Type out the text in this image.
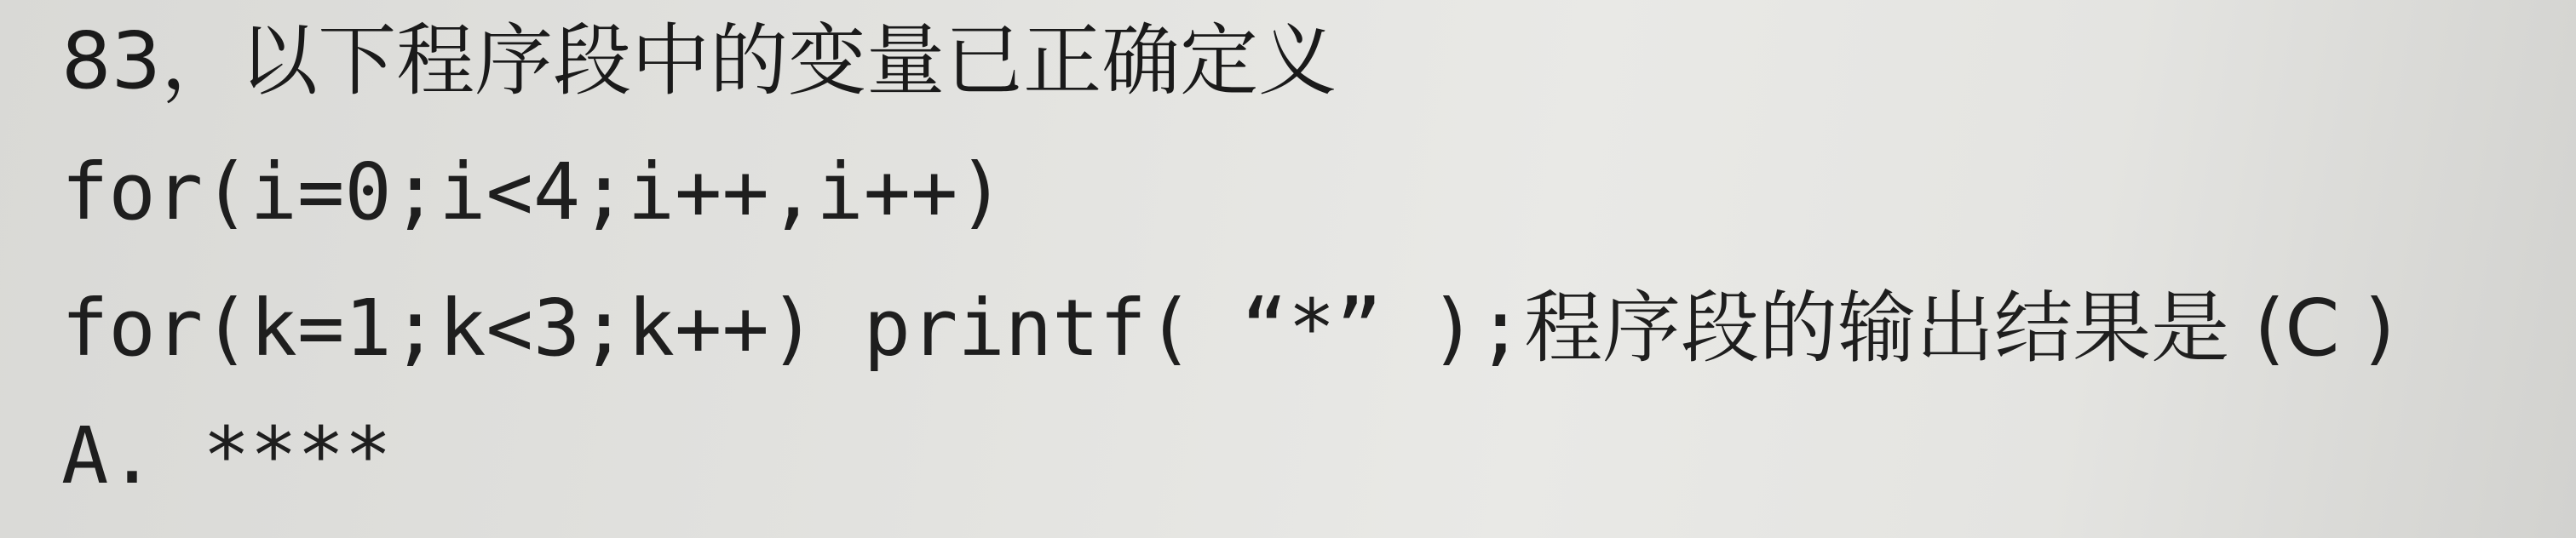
83，以下程序段中的变量已正确定义
for(i=0;i<4;i++,i++)
for(k=1;k<3;k++) printf( “*” );程序段的输出结果是 (C )
A. ****
